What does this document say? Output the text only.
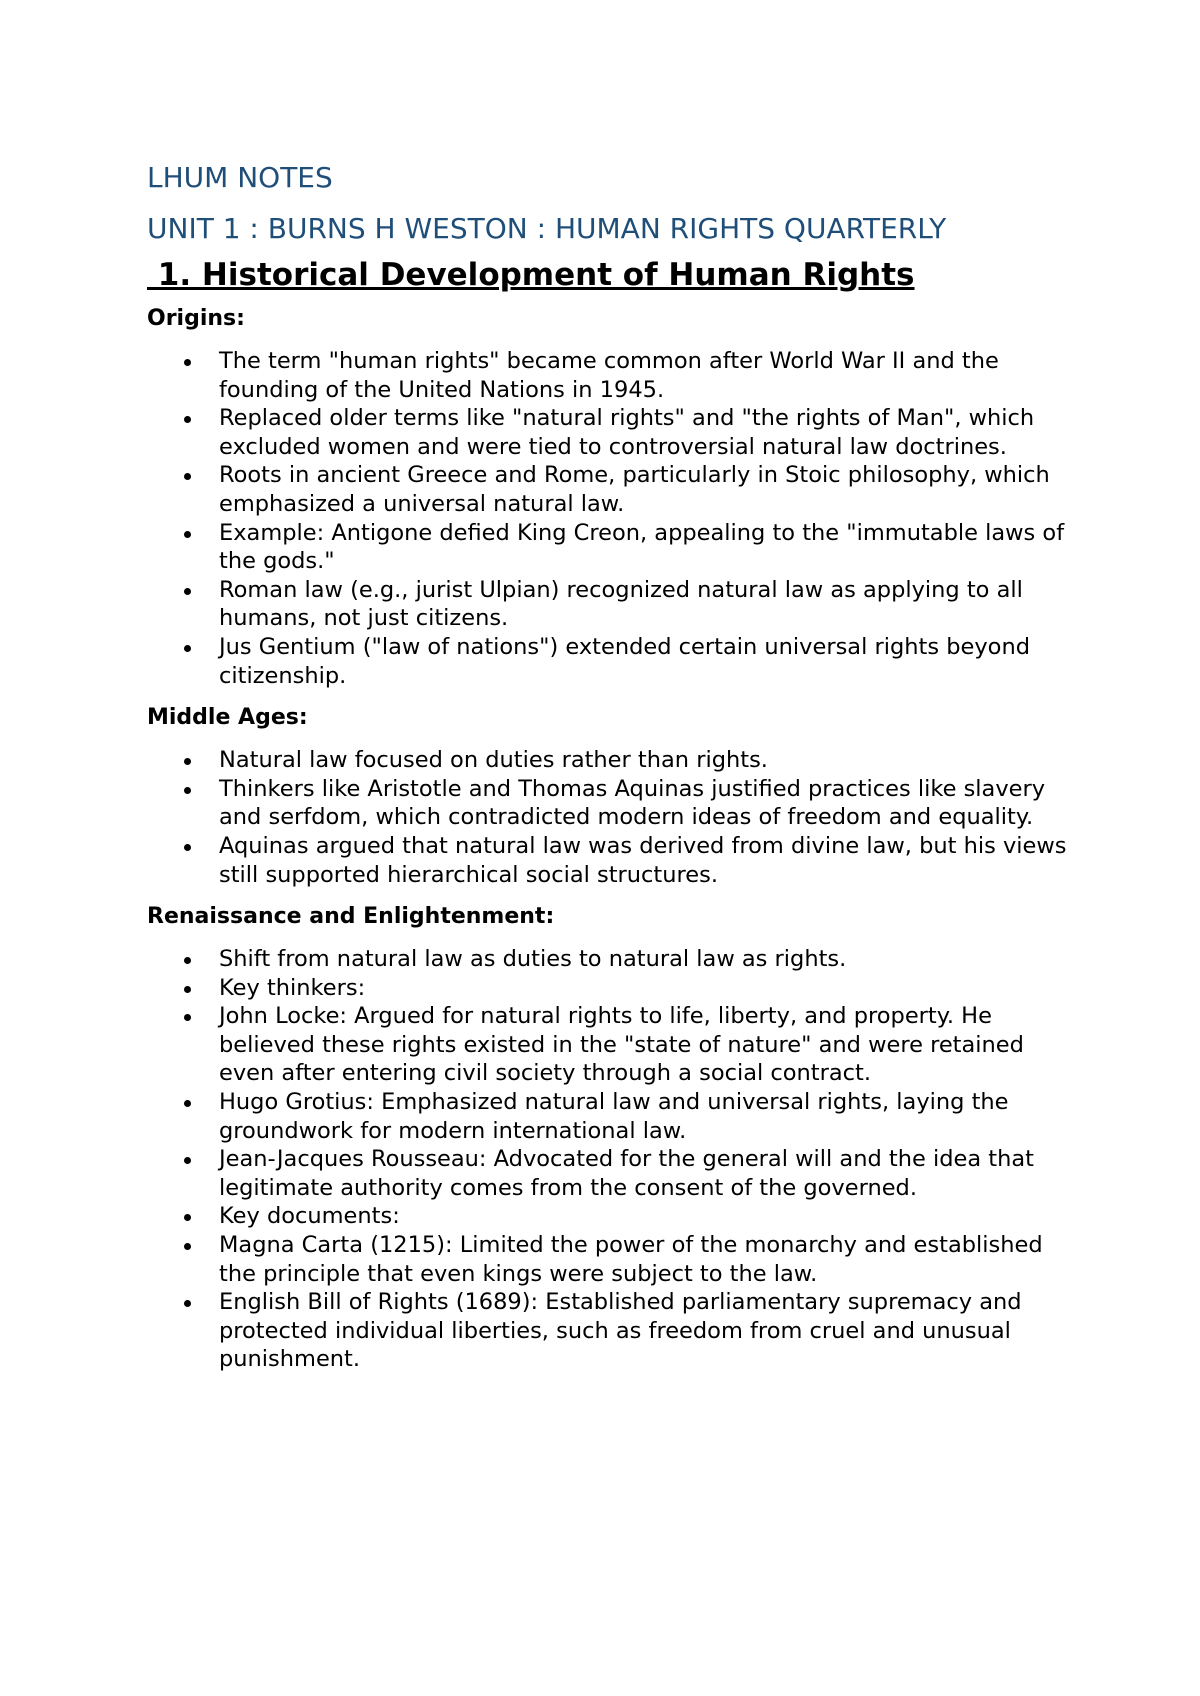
LHUM NOTES
UNIT 1 : BURNS H WESTON : HUMAN RIGHTS QUARTERLY
1. Historical Development of Human Rights
Origins:
The term "human rights" became common after World War II and the founding of the United Nations in 1945.
Replaced older terms like "natural rights" and "the rights of Man", which excluded women and were tied to controversial natural law doctrines.
Roots in ancient Greece and Rome, particularly in Stoic philosophy, which emphasized a universal natural law.
Example: Antigone defied King Creon, appealing to the "immutable laws of the gods."
Roman law (e.g., jurist Ulpian) recognized natural law as applying to all humans, not just citizens.
Jus Gentium ("law of nations") extended certain universal rights beyond citizenship.
Middle Ages:
Natural law focused on duties rather than rights.
Thinkers like Aristotle and Thomas Aquinas justified practices like slavery and serfdom, which contradicted modern ideas of freedom and equality.
Aquinas argued that natural law was derived from divine law, but his views still supported hierarchical social structures.
Renaissance and Enlightenment:
Shift from natural law as duties to natural law as rights.
Key thinkers:
John Locke: Argued for natural rights to life, liberty, and property. He believed these rights existed in the "state of nature" and were retained even after entering civil society through a social contract.
Hugo Grotius: Emphasized natural law and universal rights, laying the groundwork for modern international law.
Jean-Jacques Rousseau: Advocated for the general will and the idea that legitimate authority comes from the consent of the governed.
Key documents:
Magna Carta (1215): Limited the power of the monarchy and established the principle that even kings were subject to the law.
English Bill of Rights (1689): Established parliamentary supremacy and protected individual liberties, such as freedom from cruel and unusual punishment.
